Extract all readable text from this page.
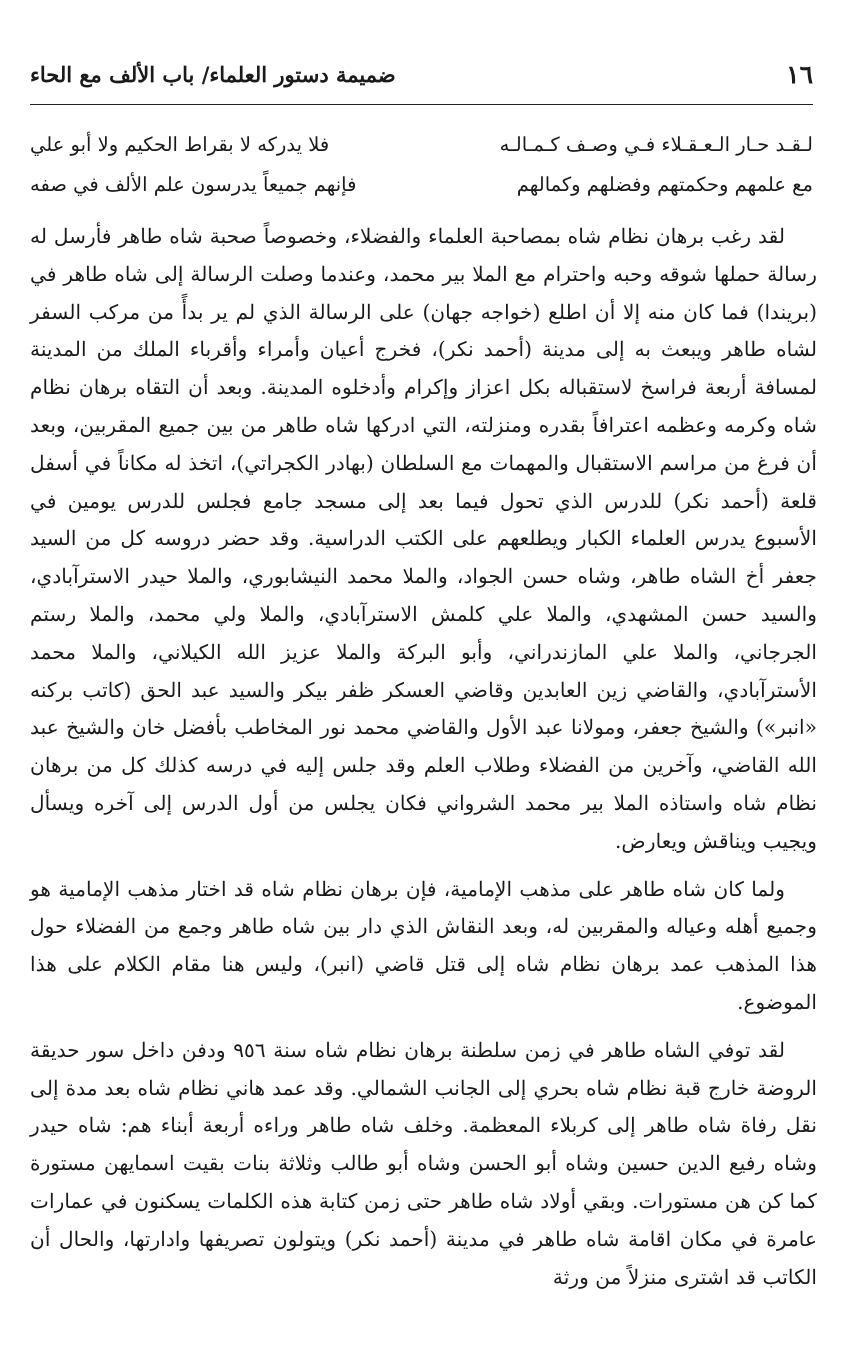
١٦
ضميمة دستور العلماء/ باب الألف مع الحاء
لـقـد حـار الـعـقـلاء فـي وصـف كـمـالـه
فلا يدركه لا بقراط الحكيم ولا أبو علي
مع علمهم وحكمتهم وفضلهم وكمالهم
فإنهم جميعاً يدرسون علم الألف في صفه

لقد رغب برهان نظام شاه بمصاحبة العلماء والفضلاء، وخصوصاً صحبة شاه طاهر فأرسل له رسالة حملها شوقه وحبه واحترام مع الملا بير محمد، وعندما وصلت الرسالة إلى شاه طاهر في (بريندا) فما كان منه إلا أن اطلع (خواجه جهان) على الرسالة الذي لم ير بدأً من مركب السفر لشاه طاهر ويبعث به إلى مدينة (أحمد نكر)، فخرج أعيان وأمراء وأقرباء الملك من المدينة لمسافة أربعة فراسخ لاستقباله بكل اعزاز وإكرام وأدخلوه المدينة. وبعد أن التقاه برهان نظام شاه وكرمه وعظمه اعترافاً بقدره ومنزلته، التي ادركها شاه طاهر من بين جميع المقربين، وبعد أن فرغ من مراسم الاستقبال والمهمات مع السلطان (بهادر الكجراتي)، اتخذ له مكاناً في أسفل قلعة (أحمد نكر) للدرس الذي تحول فيما بعد إلى مسجد جامع فجلس للدرس يومين في الأسبوع يدرس العلماء الكبار ويطلعهم على الكتب الدراسية. وقد حضر دروسه كل من السيد جعفر أخ الشاه طاهر، وشاه حسن الجواد، والملا محمد النيشابوري، والملا حيدر الاسترآبادي، والسيد حسن المشهدي، والملا علي كلمش الاسترآبادي، والملا ولي محمد، والملا رستم الجرجاني، والملا علي المازندراني، وأبو البركة والملا عزيز الله الكيلاني، والملا محمد الأسترآبادي، والقاضي زين العابدين وقاضي العسكر ظفر بيكر والسيد عبد الحق (كاتب بركنه «انبر») والشيخ جعفر، ومولانا عبد الأول والقاضي محمد نور المخاطب بأفضل خان والشيخ عبد الله القاضي، وآخرين من الفضلاء وطلاب العلم وقد جلس إليه في درسه كذلك كل من برهان نظام شاه واستاذه الملا بير محمد الشرواني فكان يجلس من أول الدرس إلى آخره ويسأل ويجيب ويناقش ويعارض.

ولما كان شاه طاهر على مذهب الإمامية، فإن برهان نظام شاه قد اختار مذهب الإمامية هو وجميع أهله وعياله والمقربين له، وبعد النقاش الذي دار بين شاه طاهر وجمع من الفضلاء حول هذا المذهب عمد برهان نظام شاه إلى قتل قاضي (انبر)، وليس هنا مقام الكلام على هذا الموضوع.

لقد توفي الشاه طاهر في زمن سلطنة برهان نظام شاه سنة ٩٥٦ ودفن داخل سور حديقة الروضة خارج قبة نظام شاه بحري إلى الجانب الشمالي. وقد عمد هاني نظام شاه بعد مدة إلى نقل رفاة شاه طاهر إلى كربلاء المعظمة. وخلف شاه طاهر وراءه أربعة أبناء هم: شاه حيدر وشاه رفيع الدين حسين وشاه أبو الحسن وشاه أبو طالب وثلاثة بنات بقيت اسمايهن مستورة كما كن هن مستورات. وبقي أولاد شاه طاهر حتى زمن كتابة هذه الكلمات يسكنون في عمارات عامرة في مكان اقامة شاه طاهر في مدينة (أحمد نكر) ويتولون تصريفها وادارتها، والحال أن الكاتب قد اشترى منزلاً من ورثة
